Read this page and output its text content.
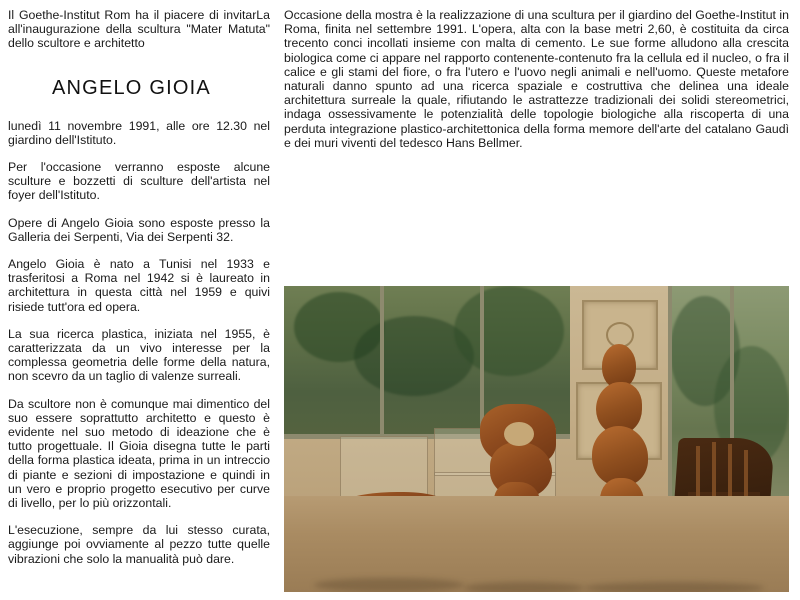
Il Goethe-Institut Rom ha il piacere di invitarLa all'inaugurazione della scultura "Mater Matuta" dello scultore e architetto

ANGELO GIOIA

lunedì 11 novembre 1991, alle ore 12.30 nel giardino dell'Istituto.

Per l'occasione verranno esposte alcune sculture e bozzetti di sculture dell'artista nel foyer dell'Istituto.

Opere di Angelo Gioia sono esposte presso la Galleria dei Serpenti, Via dei Serpenti 32.

Angelo Gioia è nato a Tunisi nel 1933 e trasferitosi a Roma nel 1942 si è laureato in architettura in questa città nel 1959 e quivi risiede tutt'ora ed opera.

La sua ricerca plastica, iniziata nel 1955, è caratterizzata da un vivo interesse per la complessa geometria delle forme della natura, non scevro da un taglio di valenze surreali.

Da scultore non è comunque mai dimentico del suo essere soprattutto architetto e questo è evidente nel suo metodo di ideazione che è tutto progettuale. Il Gioia disegna tutte le parti della forma plastica ideata, prima in un intreccio di piante e sezioni di impostazione e quindi in un vero e proprio progetto esecutivo per curve di livello, per lo più orizzontali.

L'esecuzione, sempre da lui stesso curata, aggiunge poi ovviamente al pezzo tutte quelle vibrazioni che solo la manualità può dare.

Occasione della mostra è la realizzazione di una scultura per il giardino del Goethe-Institut in Roma, finita nel settembre 1991. L'opera, alta con la base metri 2,60, è costituita da circa trecento conci incollati insieme con malta di cemento. Le sue forme alludono alla crescita biologica come ci appare nel rapporto contenente-contenuto fra la cellula ed il nucleo, o fra il calice e gli stami del fiore, o fra l'utero e l'uovo negli animali e nell'uomo. Queste metafore naturali danno spunto ad una ricerca spaziale e costruttiva che delinea una ideale architettura surreale la quale, rifiutando le astrattezze tradizionali dei solidi stereometrici, indaga ossessivamente le potenzialità delle topologie biologiche alla riscoperta di una perduta integrazione plastico-architettonica della forma memore dell'arte del catalano Gaudì e dei muri viventi del tedesco Hans Bellmer.
